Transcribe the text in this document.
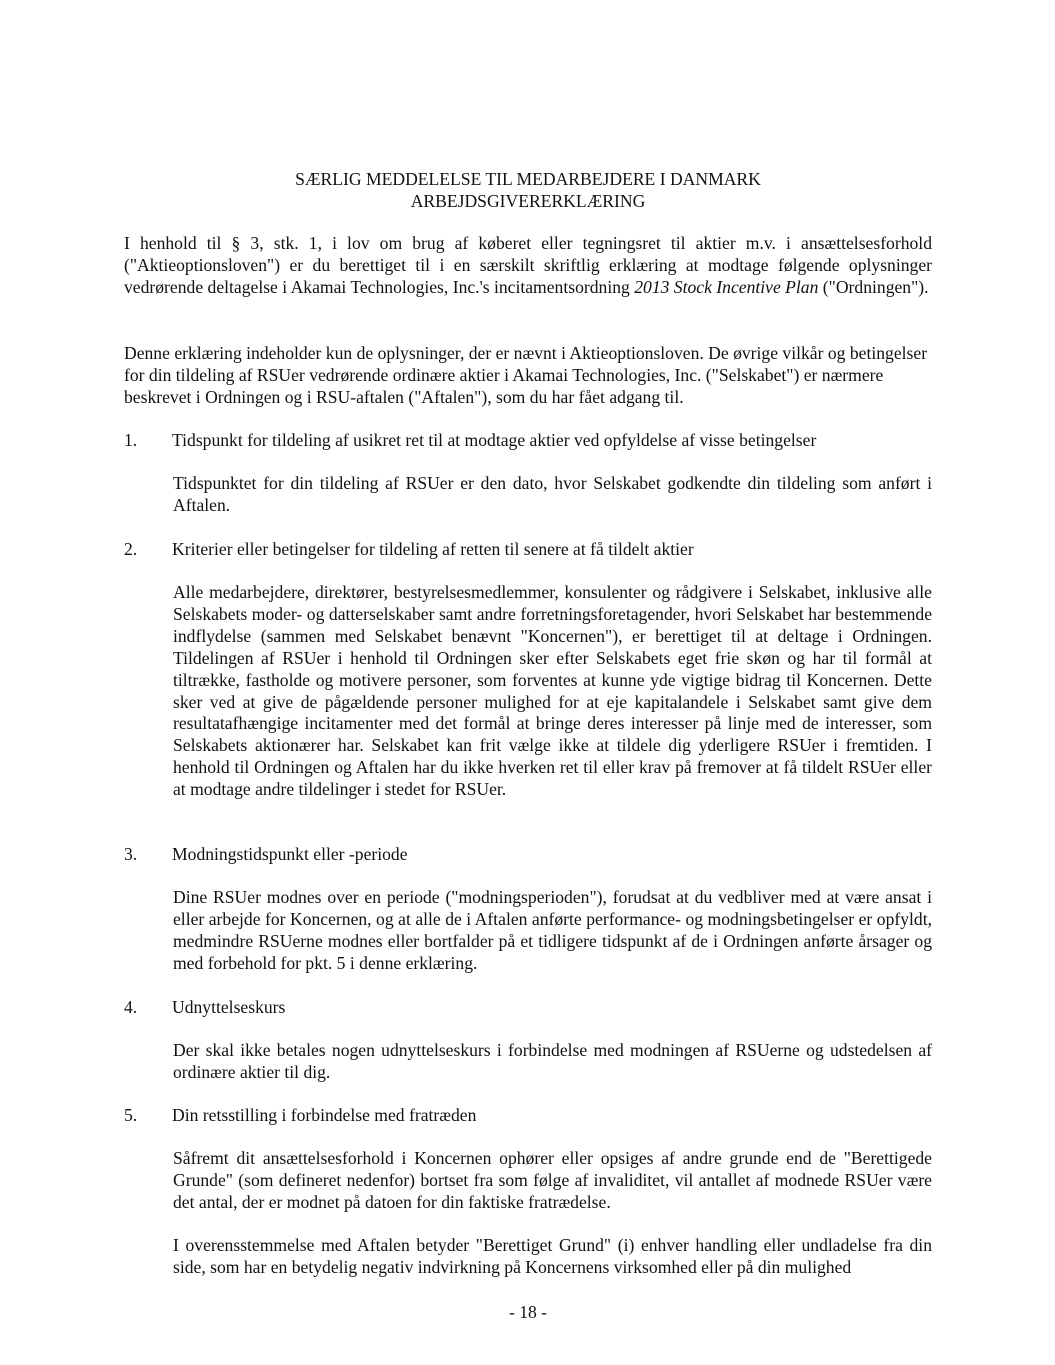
SÆRLIG MEDDELELSE TIL MEDARBEJDERE I DANMARK
ARBEJDSGIVERERKLÆRING

I henhold til § 3, stk. 1, i lov om brug af køberet eller tegningsret til aktier m.v. i ansættelsesforhold ("Aktieoptionsloven") er du berettiget til i en særskilt skriftlig erklæring at modtage følgende oplysninger vedrørende deltagelse i Akamai Technologies, Inc.'s incitamentsordning 2013 Stock Incentive Plan ("Ordningen").

Denne erklæring indeholder kun de oplysninger, der er nævnt i Aktieoptionsloven. De øvrige vilkår og betingelser for din tildeling af RSUer vedrørende ordinære aktier i Akamai Technologies, Inc. ("Selskabet") er nærmere beskrevet i Ordningen og i RSU-aftalen ("Aftalen"), som du har fået adgang til.

1. Tidspunkt for tildeling af usikret ret til at modtage aktier ved opfyldelse af visse betingelser

Tidspunktet for din tildeling af RSUer er den dato, hvor Selskabet godkendte din tildeling som anført i Aftalen.

2. Kriterier eller betingelser for tildeling af retten til senere at få tildelt aktier

Alle medarbejdere, direktører, bestyrelsesmedlemmer, konsulenter og rådgivere i Selskabet, inklusive alle Selskabets moder- og datterselskaber samt andre forretningsforetagender, hvori Selskabet har bestemmende indflydelse (sammen med Selskabet benævnt "Koncernen"), er berettiget til at deltage i Ordningen. Tildelingen af RSUer i henhold til Ordningen sker efter Selskabets eget frie skøn og har til formål at tiltrække, fastholde og motivere personer, som forventes at kunne yde vigtige bidrag til Koncernen. Dette sker ved at give de pågældende personer mulighed for at eje kapitalandele i Selskabet samt give dem resultatafhængige incitamenter med det formål at bringe deres interesser på linje med de interesser, som Selskabets aktionærer har. Selskabet kan frit vælge ikke at tildele dig yderligere RSUer i fremtiden. I henhold til Ordningen og Aftalen har du ikke hverken ret til eller krav på fremover at få tildelt RSUer eller at modtage andre tildelinger i stedet for RSUer.

3. Modningstidspunkt eller -periode

Dine RSUer modnes over en periode ("modningsperioden"), forudsat at du vedbliver med at være ansat i eller arbejde for Koncernen, og at alle de i Aftalen anførte performance- og modningsbetingelser er opfyldt, medmindre RSUerne modnes eller bortfalder på et tidligere tidspunkt af de i Ordningen anførte årsager og med forbehold for pkt. 5 i denne erklæring.

4. Udnyttelseskurs

Der skal ikke betales nogen udnyttelseskurs i forbindelse med modningen af RSUerne og udstedelsen af ordinære aktier til dig.

5. Din retsstilling i forbindelse med fratræden

Såfremt dit ansættelsesforhold i Koncernen ophører eller opsiges af andre grunde end de "Berettigede Grunde" (som defineret nedenfor) bortset fra som følge af invaliditet, vil antallet af modnede RSUer være det antal, der er modnet på datoen for din faktiske fratrædelse.

I overensstemmelse med Aftalen betyder "Berettiget Grund" (i) enhver handling eller undladelse fra din side, som har en betydelig negativ indvirkning på Koncernens virksomhed eller på din mulighed

- 18 -
